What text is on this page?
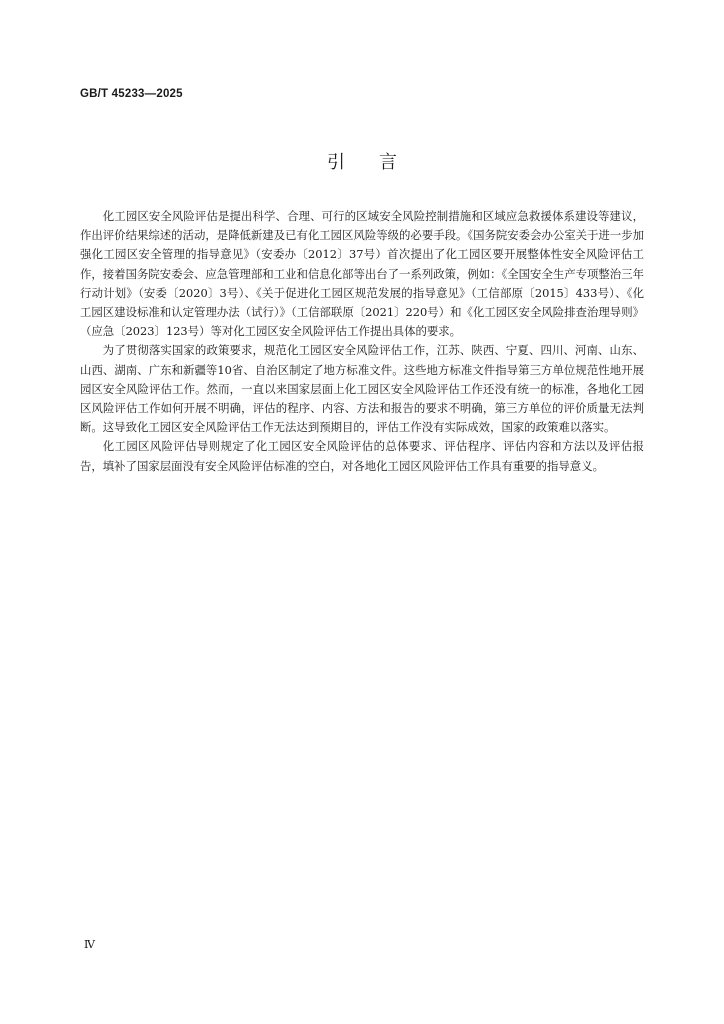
GB/T 45233—2025
引言

化工园区安全风险评估是提出科学、合理、可行的区域安全风险控制措施和区域应急救援体系建设等建议，作出评价结果综述的活动，是降低新建及已有化工园区风险等级的必要手段。《国务院安委会办公室关于进一步加强化工园区安全管理的指导意见》（安委办〔2012〕37号）首次提出了化工园区要开展整体性安全风险评估工作，接着国务院安委会、应急管理部和工业和信息化部等出台了一系列政策，例如：《全国安全生产专项整治三年行动计划》（安委〔2020〕3号）、《关于促进化工园区规范发展的指导意见》（工信部原〔2015〕433号）、《化工园区建设标准和认定管理办法（试行）》（工信部联原〔2021〕220号）和《化工园区安全风险排查治理导则》（应急〔2023〕123号）等对化工园区安全风险评估工作提出具体的要求。

为了贯彻落实国家的政策要求，规范化工园区安全风险评估工作，江苏、陕西、宁夏、四川、河南、山东、山西、湖南、广东和新疆等10省、自治区制定了地方标准文件。这些地方标准文件指导第三方单位规范性地开展园区安全风险评估工作。然而，一直以来国家层面上化工园区安全风险评估工作还没有统一的标准，各地化工园区风险评估工作如何开展不明确，评估的程序、内容、方法和报告的要求不明确，第三方单位的评价质量无法判断。这导致化工园区安全风险评估工作无法达到预期目的，评估工作没有实际成效，国家的政策难以落实。

化工园区风险评估导则规定了化工园区安全风险评估的总体要求、评估程序、评估内容和方法以及评估报告，填补了国家层面没有安全风险评估标准的空白，对各地化工园区风险评估工作具有重要的指导意义。

Ⅳ
